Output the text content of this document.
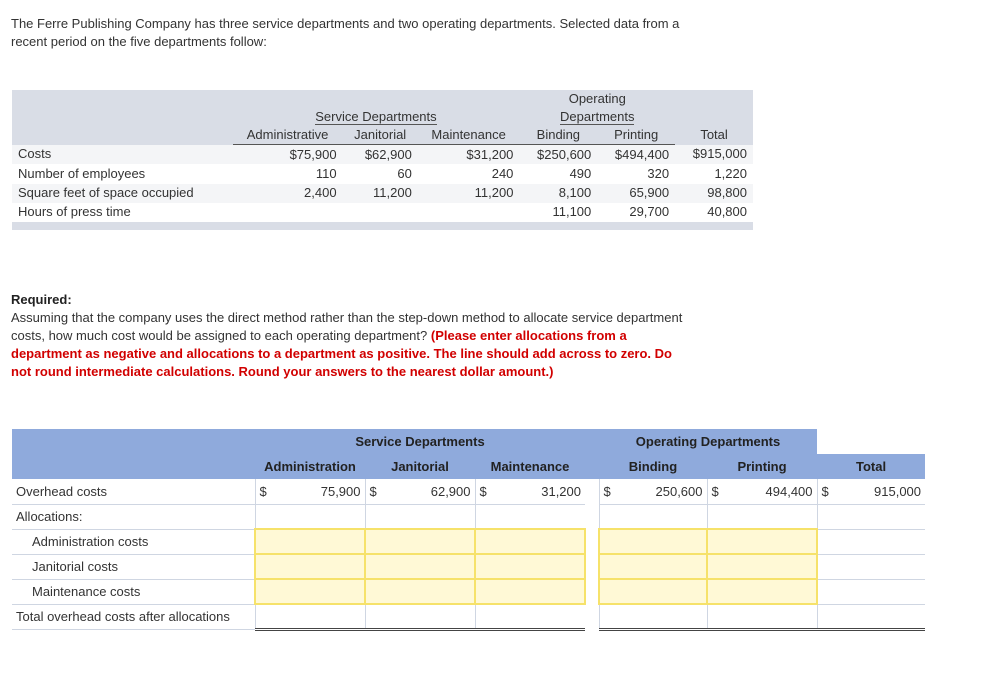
The Ferre Publishing Company has three service departments and two operating departments. Selected data from a recent period on the five departments follow:
				Operating		
	Service Departments			Departments		
	Administrative	Janitorial	Maintenance	Binding	Printing	Total
Costs	$75,900	$62,900	$31,200	$250,600	$494,400	$915,000
Number of employees	110	60	240	490	320	1,220
Square feet of space occupied	2,400	11,200	11,200	8,100	65,900	98,800
Hours of press time				11,100	29,700	40,800

Required:
Assuming that the company uses the direct method rather than the step-down method to allocate service department costs, how much cost would be assigned to each operating department? (Please enter allocations from a department as negative and allocations to a department as positive. The line should add across to zero. Do not round intermediate calculations. Round your answers to the nearest dollar amount.)
	Service Departments				Operating Departments		
	Administration	Janitorial	Maintenance		Binding	Printing	Total
Overhead costs	$ 75,900	$ 62,900	$ 31,200		$ 250,600	$ 494,400	$ 915,000

Allocations:							
Administration costs							
Janitorial costs							
Maintenance costs							
Total overhead costs after allocations							
